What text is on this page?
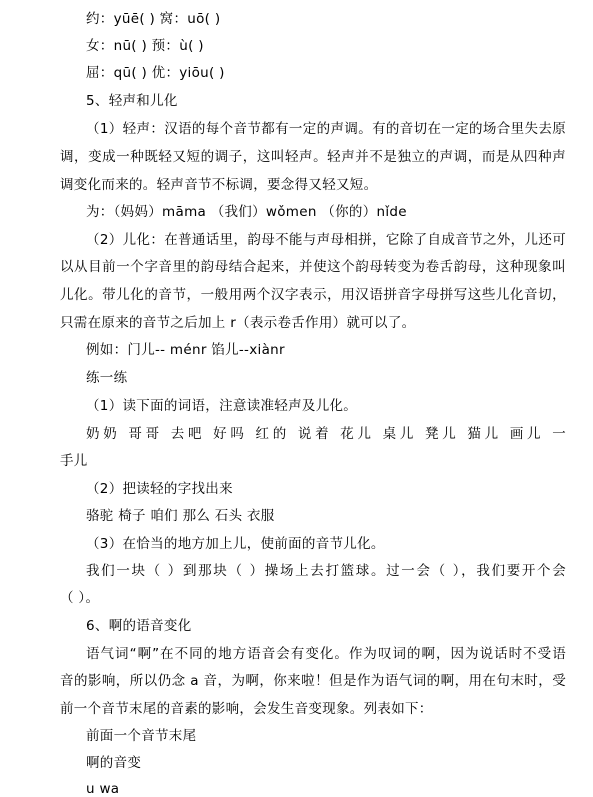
约：yūē( ) 窝：uō( )
女：nū( ) 预：ù( )
屈：qū( ) 优：yiōu( )
5、轻声和儿化
（1）轻声：汉语的每个音节都有一定的声调。有的音切在一定的场合里失去原
调，变成一种既轻又短的调子，这叫轻声。轻声并不是独立的声调，而是从四种声
调变化而来的。轻声音节不标调，要念得又轻又短。
为：（妈妈）māma （我们）wǒmen （你的）nǐde
（2）儿化：在普通话里，韵母不能与声母相拼，它除了自成音节之外，儿还可
以从目前一个字音里的韵母结合起来，并使这个韵母转变为卷舌韵母，这种现象叫
儿化。带儿化的音节，一般用两个汉字表示，用汉语拼音字母拼写这些儿化音切，
只需在原来的音节之后加上 r（表示卷舌作用）就可以了。
例如：门儿-- ménr 馅儿--xiànr
练一练
（1）读下面的词语，注意读准轻声及儿化。
奶奶 哥哥 去吧 好吗 红的 说着 花儿 桌儿 凳儿 猫儿 画儿 一
手儿
（2）把读轻的字找出来
骆驼 椅子 咱们 那么 石头 衣服
（3）在恰当的地方加上儿，使前面的音节儿化。
我们一块（ ）到那块（ ）操场上去打篮球。过一会（ ），我们要开个会
（ ）。
6、啊的语音变化
语气词“啊”在不同的地方语音会有变化。作为叹词的啊，因为说话时不受语
音的影响，所以仍念 a 音，为啊，你来啦！但是作为语气词的啊，用在句末时，受
前一个音节末尾的音素的影响，会发生音变现象。列表如下：
前面一个音节末尾
啊的音变
u wa
